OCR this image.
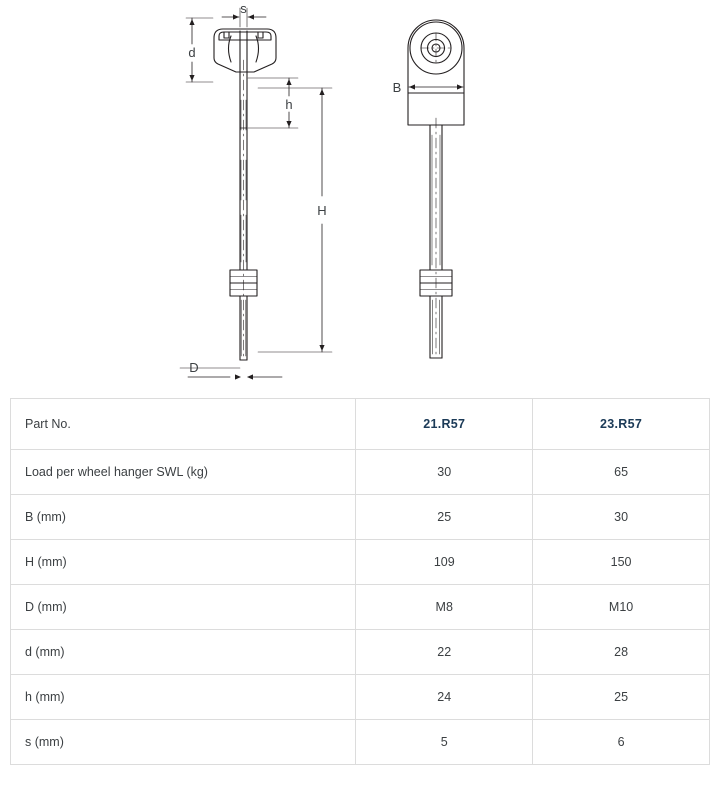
s
d
h
H
D
B
Part No.	21.R57	23.R57
Load per wheel hanger SWL (kg)	30	65
B (mm)	25	30
H (mm)	109	150
D (mm)	M8	M10
d (mm)	22	28
h (mm)	24	25
s (mm)	5	6
